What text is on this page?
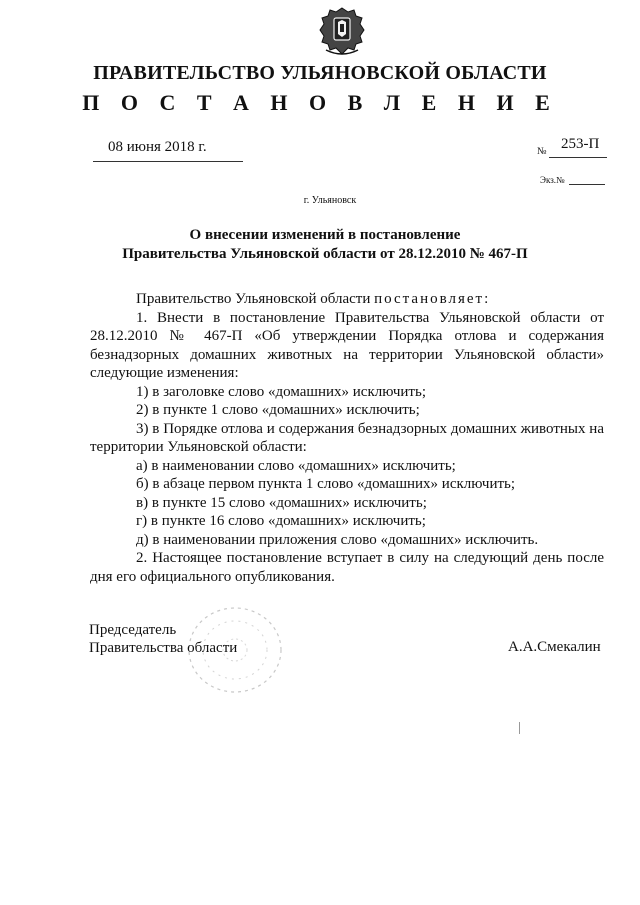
ПРАВИТЕЛЬСТВО УЛЬЯНОВСКОЙ ОБЛАСТИ
П О С Т А Н О В Л Е Н И Е
08 июня 2018 г.	№ 253-П
Экз.№
г. Ульяновск
О внесении изменений в постановление
Правительства Ульяновской области от 28.12.2010 № 467-П

Правительство Ульяновской области постановляет:

1. Внести в постановление Правительства Ульяновской области от 28.12.2010 № 467-П «Об утверждении Порядка отлова и содержания безнадзорных домашних животных на территории Ульяновской области» следующие изменения:

1) в заголовке слово «домашних» исключить;

2) в пункте 1 слово «домашних» исключить;

3) в Порядке отлова и содержания безнадзорных домашних животных на территории Ульяновской области:

а) в наименовании слово «домашних» исключить;

б) в абзаце первом пункта 1 слово «домашних» исключить;

в) в пункте 15 слово «домашних» исключить;

г) в пункте 16 слово «домашних» исключить;

д) в наименовании приложения слово «домашних» исключить.

2. Настоящее постановление вступает в силу на следующий день после дня его официального опубликования.

Председатель
Правительства области	А.А.Смекалин
